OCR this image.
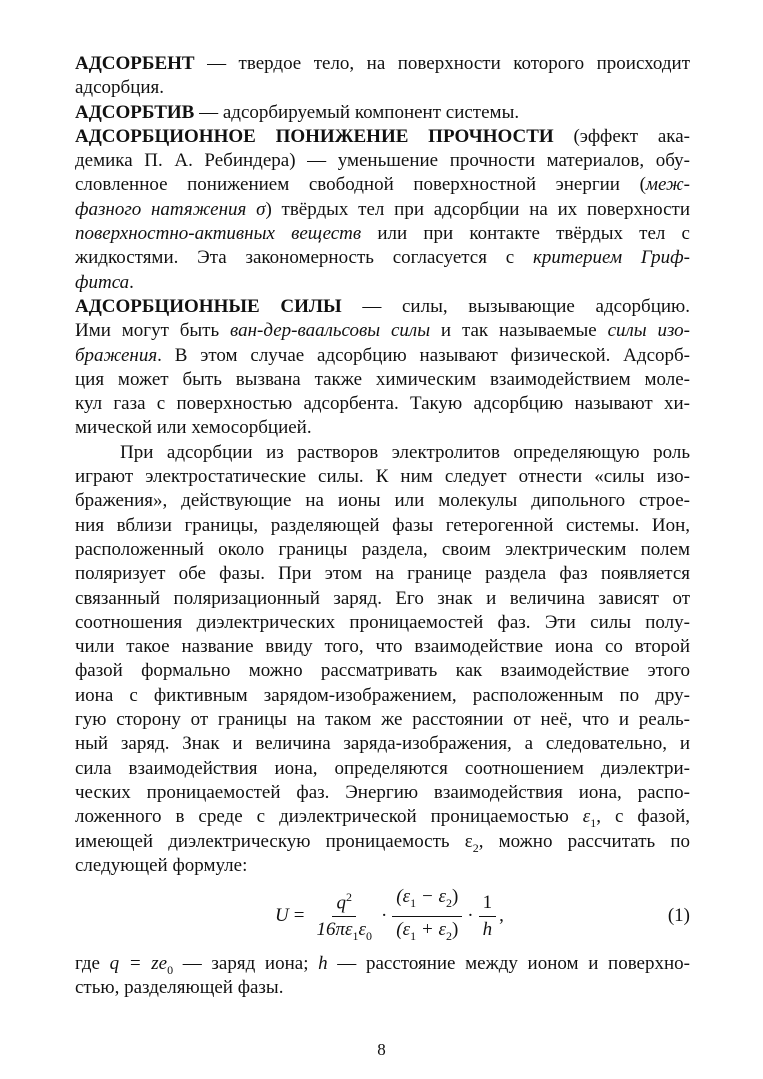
АДСОРБЕНТ — твердое тело, на поверхности которого происходит
адсорбция.
АДСОРБТИВ — адсорбируемый компонент системы.
АДСОРБЦИОННОЕ ПОНИЖЕНИЕ ПРОЧНОСТИ (эффект ака-
демика П. А. Ребиндера) — уменьшение прочности материалов, обу-
словленное понижением свободной поверхностной энергии (меж-
фазного натяжения σ) твёрдых тел при адсорбции на их поверхности
поверхностно-активных веществ или при контакте твёрдых тел с
жидкостями. Эта закономерность согласуется с критерием Гриф-
фитса.
АДСОРБЦИОННЫЕ СИЛЫ — силы, вызывающие адсорбцию.
Ими могут быть ван-дер-ваальсовы силы и так называемые силы изо-
бражения. В этом случае адсорбцию называют физической. Адсорб-
ция может быть вызвана также химическим взаимодействием моле-
кул газа с поверхностью адсорбента. Такую адсорбцию называют хи-
мической или хемосорбцией.
При адсорбции из растворов электролитов определяющую роль
играют электростатические силы. К ним следует отнести «силы изо-
бражения», действующие на ионы или молекулы дипольного строе-
ния вблизи границы, разделяющей фазы гетерогенной системы. Ион,
расположенный около границы раздела, своим электрическим полем
поляризует обе фазы. При этом на границе раздела фаз появляется
связанный поляризационный заряд. Его знак и величина зависят от
соотношения диэлектрических проницаемостей фаз. Эти силы полу-
чили такое название ввиду того, что взаимодействие иона со второй
фазой формально можно рассматривать как взаимодействие этого
иона с фиктивным зарядом-изображением, расположенным по дру-
гую сторону от границы на таком же расстоянии от неё, что и реаль-
ный заряд. Знак и величина заряда-изображения, а следовательно, и
сила взаимодействия иона, определяются соотношением диэлектри-
ческих проницаемостей фаз. Энергию взаимодействия иона, распо-
ложенного в среде с диэлектрической проницаемостью $\varepsilon_1$, с фазой,
имеющей диэлектрическую проницаемость $\varepsilon_2$, можно рассчитать по
следующей формуле:
$U = \frac{q^2}{16\pi\varepsilon_1\varepsilon_0} \cdot \frac{(\varepsilon_1 - \varepsilon_2)}{(\varepsilon_1 + \varepsilon_2)} \cdot \frac{1}{h}$ ,	(1)
где $q = ze_0$ — заряд иона; h — расстояние между ионом и поверхно-
стью, разделяющей фазы.
8
